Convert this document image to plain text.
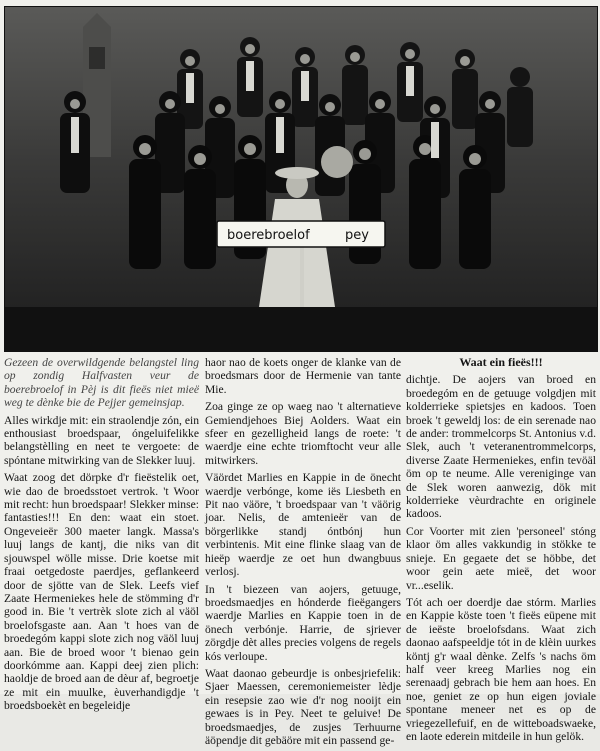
boerebroelof	pey

Gezeen de overwildgende belangstel ling op zondig Halfvasten veur de boerebroelof in Pèj is dit fieës niet mieë weg te dènke bie de Pejjer gemeinsjap.

Alles wirkdje mit: ein straolendje zón, ein enthousiast broedspaar, óngeluifelikke belangstèlling en neet te vergoete: de spóntane mitwirking van de Slekker luuj.

Waat zoog det dörpke d'r fieëstelik oet, wie dao de broedsstoet vertrok. 't Woor mit recht: hun broedspaar! Slekker minse: fantasties!!! En den: waat ein stoet. Ongeveieër 300 maeter langk. Massa's luuj langs de kantj, die niks van dit sjouwspel wölle misse. Drie koetse mit fraai oetgedoste paerdjes, geflankeerd door de sjötte van de Slek. Leefs vief Zaate Hermeniekes hele de stömming d'r good in. Bie 't vertrèk slote zich al väöl broelofsgaste aan. Aan 't hoes van de broedegóm kappi slote zich nog väöl luuj aan. Bie de broed woor 't bienao gein doorkómme aan. Kappi deej zien plich: haoldje de broed aan de dèur af, begroetje ze mit ein muulke, èuverhandigdje 't broedsboekèt en begeleidje

haor nao de koets onger de klanke van de broedsmars door de Hermenie van tante Mie.

Zoa ginge ze op waeg nao 't alternatieve Gemiendjehoes Biej Aolders. Waat ein sfeer en gezelligheid langs de roete: 't waerdje eine echte triomftocht veur alle mitwirkers.

Väördet Marlies en Kappie in de önecht waerdje verbónge, kome iës Liesbeth en Pit nao väöre, 't broedspaar van 't väörig joar. Nelis, de amtenieër van de börgerlikke standj óntbónj hun verbintenis. Mit eine flinke slaag van de hieëp waerdje ze oet hun dwangbuus verlosj.

In 't biezeen van aojers, getuuge, broedsmaedjes en hónderde fieëgangers waerdje Marlies en Kappie toen in de önech verbónje. Harrie, de sjriever zörgdje dèt alles precies volgens de regels kós verloupe.

Waat daonao gebeurdje is onbesjriefelik: Sjaer Maessen, ceremoniemeister lèdje ein resepsie zao wie d'r nog nooijt ein gewaes is in Pey. Neet te geluive! De broedsmaedjes, de zusjes Terhuurne äöpendje dit gebäöre mit ein passend ge-

Waat ein fieës!!!

dichtje. De aojers van broed en broedegóm en de getuuge volgdjen mit kolderrieke spietsjes en kadoos. Toen broek 't geweldj los: de ein serenade nao de ander: trommelcorps St. Antonius v.d. Slek, auch 't veteranentrommelcorps, diverse Zaate Hermeniekes, enfin tevöäl öm op te neume. Alle vereniginge van de Slek woren aanwezig, dök mit kolderrieke vèurdrachte en originele kadoos.

Cor Voorter mit zien 'personeel' stóng klaor öm alles vakkundig in stökke te snieje. En gegaete det se höbbe, det woor gein aete mieë, det woor vr...eselik.

Tót ach oer doerdje dae stórm. Marlies en Kappie köste toen 't fieës eüpene mit de ieëste broelofsdans. Waat zich daonao aafspeeldje tót in de klèin uurkes köntj g'r waal dènke. Zelfs 's nachs öm half veer kreeg Marlies nog ein serenaadj gebrach bie hem aan hoes. En noe, geniet ze op hun eigen joviale spontane meneer net es op de vriegezellefuif, en de witteboadswaeke, en laote ederein mitdeile in hun gelök.
